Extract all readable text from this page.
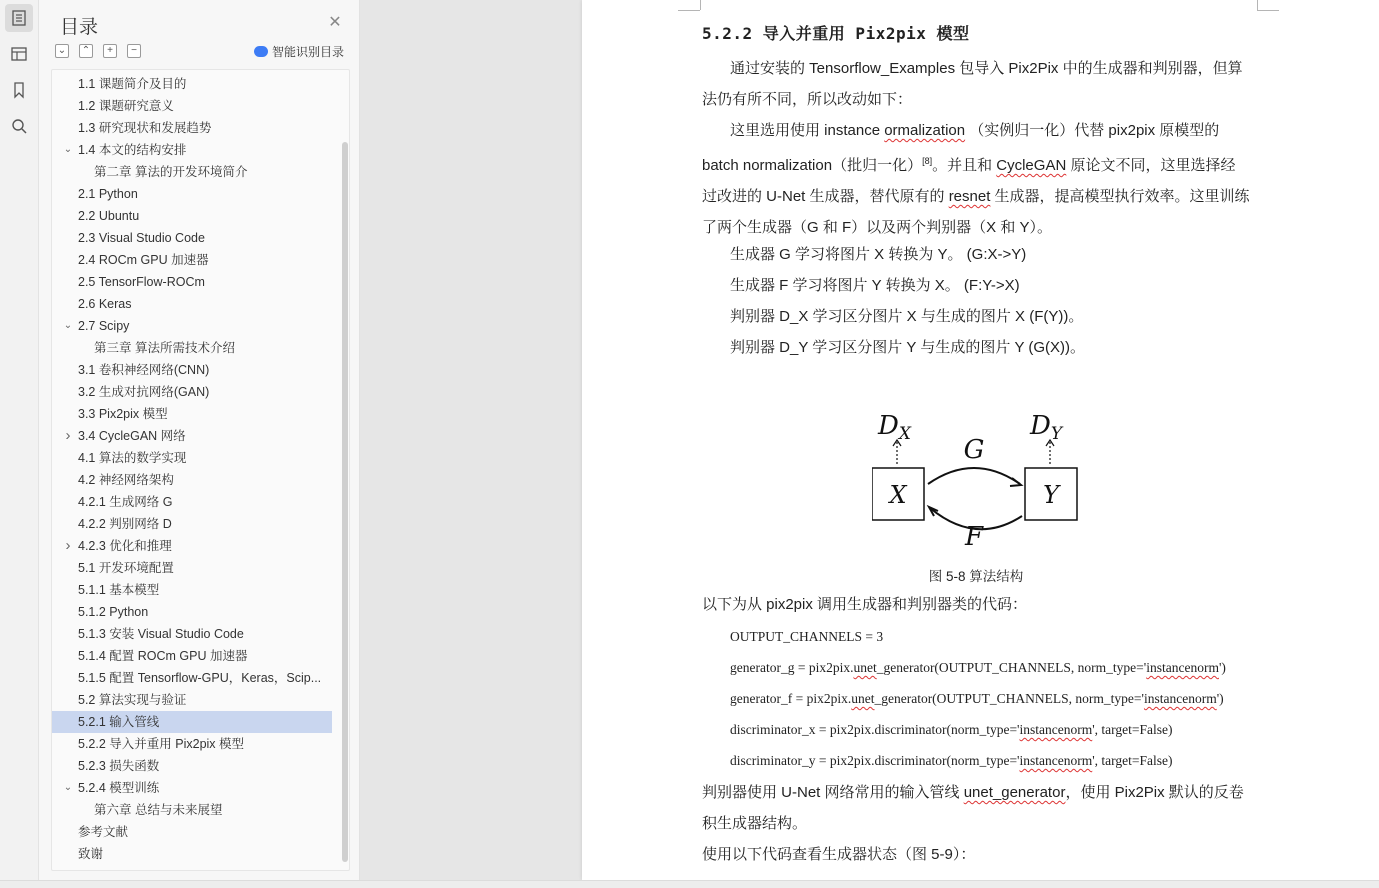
目录	✕
⌄ ⌃	+	−	智能识别目录
1.1 课题简介及目的
1.2 课题研究意义
1.3 研究现状和发展趋势
⌄ 1.4 本文的结构安排
第二章 算法的开发环境简介
2.1 Python
2.2 Ubuntu
2.3 Visual Studio Code
2.4 ROCm GPU 加速器
2.5 TensorFlow-ROCm
2.6 Keras
⌄ 2.7 Scipy
第三章 算法所需技术介绍
3.1 卷积神经网络(CNN)
3.2 生成对抗网络(GAN)
3.3 Pix2pix 模型
› 3.4 CycleGAN 网络
4.1 算法的数学实现
4.2 神经网络架构
4.2.1 生成网络 G
4.2.2 判别网络 D
› 4.2.3 优化和推理
5.1 开发环境配置
5.1.1 基本模型
5.1.2 Python
5.1.3 安装 Visual Studio Code
5.1.4 配置 ROCm GPU 加速器
5.1.5 配置 Tensorflow-GPU，Keras，Scip...
5.2 算法实现与验证
5.2.1 输入管线
5.2.2 导入并重用 Pix2pix 模型
5.2.3 损失函数
⌄ 5.2.4 模型训练
第六章 总结与未来展望
参考文献
致谢
5.2.2 导入并重用 Pix2pix 模型
通过安装的 Tensorflow_Examples 包导入 Pix2Pix 中的生成器和判别器，但算法仍有所不同，所以改动如下：
这里选用使用 instance ormalization （实例归一化）代替 pix2pix 原模型的 batch normalization（批归一化）[8]。并且和 CycleGAN 原论文不同，这里选择经过改进的 U-Net 生成器，替代原有的 resnet 生成器，提高模型执行效率。这里训练了两个生成器（G 和 F）以及两个判别器（X 和 Y）。
生成器 G 学习将图片 X 转换为 Y。 (G:X->Y)
生成器 F 学习将图片 Y 转换为 X。 (F:Y->X)
判别器 D_X 学习区分图片 X 与生成的图片 X (F(Y))。
判别器 D_Y 学习区分图片 Y 与生成的图片 Y (G(X))。
DX	DY
X	Y
G
F
图 5-8 算法结构
以下为从 pix2pix 调用生成器和判别器类的代码：
OUTPUT_CHANNELS = 3
generator_g = pix2pix.unet_generator(OUTPUT_CHANNELS, norm_type='instancenorm')
generator_f = pix2pix.unet_generator(OUTPUT_CHANNELS, norm_type='instancenorm')
discriminator_x = pix2pix.discriminator(norm_type='instancenorm', target=False)
discriminator_y = pix2pix.discriminator(norm_type='instancenorm', target=False)
判别器使用 U-Net 网络常用的输入管线 unet_generator，使用 Pix2Pix 默认的反卷积生成器结构。
使用以下代码查看生成器状态（图 5-9）：
